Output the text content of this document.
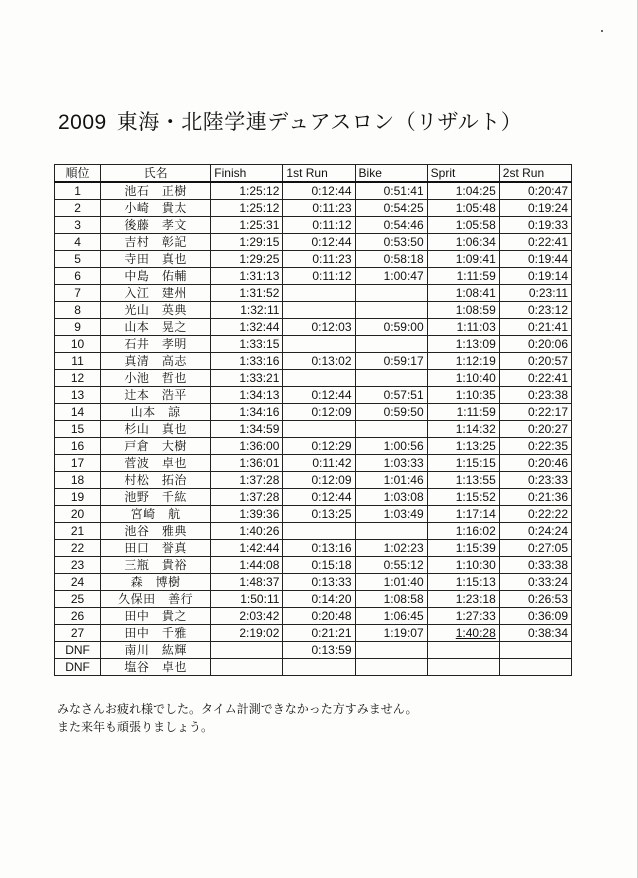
2009 東海・北陸学連デュアスロン（リザルト）
順位	氏名	Finish	1st Run	Bike	Sprit	2st Run
1	池石　正樹	1:25:12	0:12:44	0:51:41	1:04:25	0:20:47
2	小崎　貴太	1:25:12	0:11:23	0:54:25	1:05:48	0:19:24
3	後藤　孝文	1:25:31	0:11:12	0:54:46	1:05:58	0:19:33
4	吉村　彰記	1:29:15	0:12:44	0:53:50	1:06:34	0:22:41
5	寺田　真也	1:29:25	0:11:23	0:58:18	1:09:41	0:19:44
6	中島　佑輔	1:31:13	0:11:12	1:00:47	1:11:59	0:19:14
7	入江　建州	1:31:52			1:08:41	0:23:11
8	光山　英典	1:32:11			1:08:59	0:23:12
9	山本　晃之	1:32:44	0:12:03	0:59:00	1:11:03	0:21:41
10	石井　孝明	1:33:15			1:13:09	0:20:06
11	真清　高志	1:33:16	0:13:02	0:59:17	1:12:19	0:20:57
12	小池　哲也	1:33:21			1:10:40	0:22:41
13	辻本　浩平	1:34:13	0:12:44	0:57:51	1:10:35	0:23:38
14	山本　諒	1:34:16	0:12:09	0:59:50	1:11:59	0:22:17
15	杉山　真也	1:34:59			1:14:32	0:20:27
16	戸倉　大樹	1:36:00	0:12:29	1:00:56	1:13:25	0:22:35
17	菅波　卓也	1:36:01	0:11:42	1:03:33	1:15:15	0:20:46
18	村松　拓治	1:37:28	0:12:09	1:01:46	1:13:55	0:23:33
19	池野　千紘	1:37:28	0:12:44	1:03:08	1:15:52	0:21:36
20	宮崎　航	1:39:36	0:13:25	1:03:49	1:17:14	0:22:22
21	池谷　雅典	1:40:26			1:16:02	0:24:24
22	田口　誉真	1:42:44	0:13:16	1:02:23	1:15:39	0:27:05
23	三瓶　貴裕	1:44:08	0:15:18	0:55:12	1:10:30	0:33:38
24	森　博樹	1:48:37	0:13:33	1:01:40	1:15:13	0:33:24
25	久保田　善行	1:50:11	0:14:20	1:08:58	1:23:18	0:26:53
26	田中　貴之	2:03:42	0:20:48	1:06:45	1:27:33	0:36:09
27	田中　千雅	2:19:02	0:21:21	1:19:07	1:40:28	0:38:34
DNF	南川　紘輝		0:13:59			
DNF	塩谷　卓也					
みなさんお疲れ様でした。タイム計測できなかった方すみません。
また来年も頑張りましょう。
